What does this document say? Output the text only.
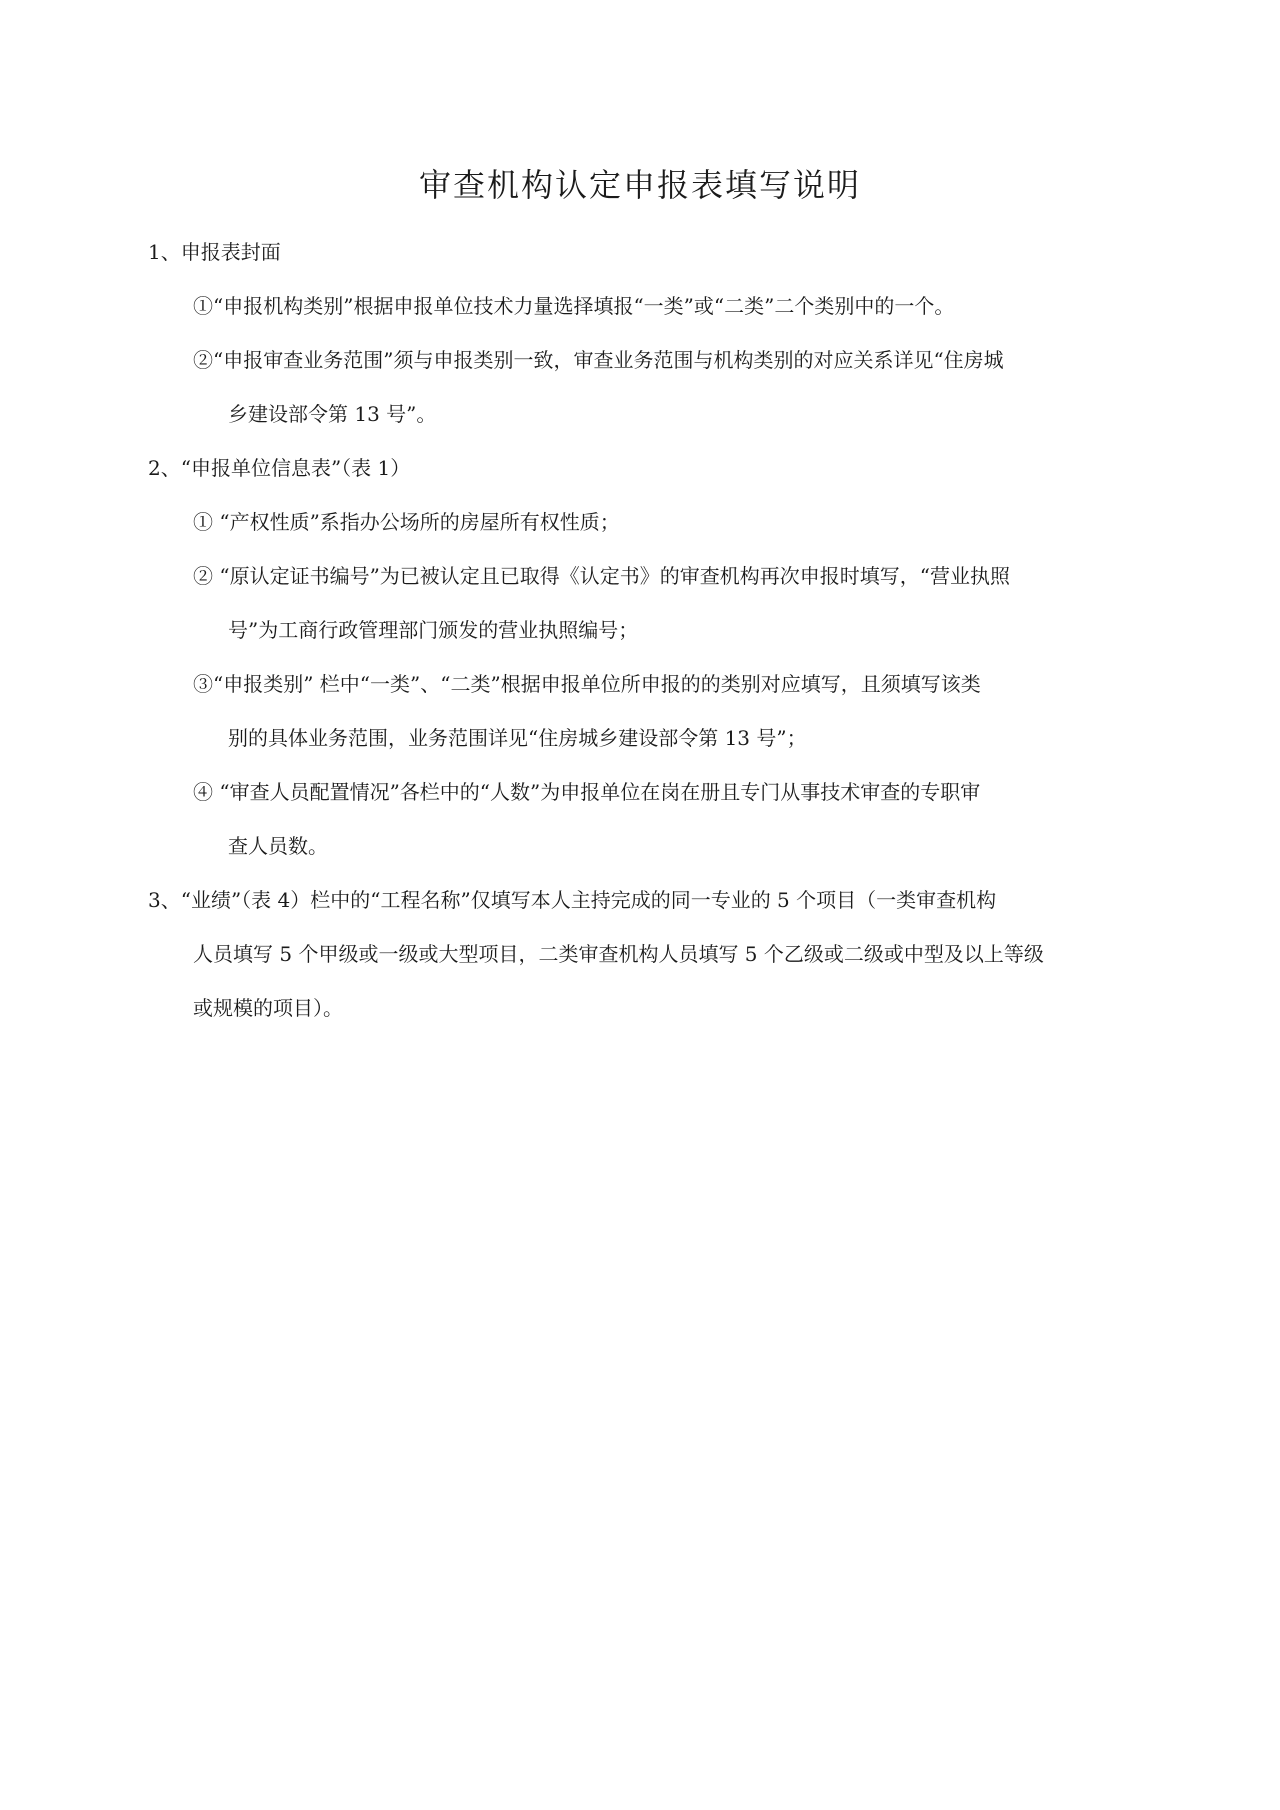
审查机构认定申报表填写说明
1、申报表封面
①“申报机构类别”根据申报单位技术力量选择填报“一类”或“二类”二个类别中的一个。
②“申报审查业务范围”须与申报类别一致，审查业务范围与机构类别的对应关系详见“住房城
乡建设部令第 13 号”。
2、“申报单位信息表”（表 1）
① “产权性质”系指办公场所的房屋所有权性质；
② “原认定证书编号”为已被认定且已取得《认定书》的审查机构再次申报时填写，“营业执照
号”为工商行政管理部门颁发的营业执照编号；
③“申报类别” 栏中“一类”、“二类”根据申报单位所申报的的类别对应填写，且须填写该类
别的具体业务范围，业务范围详见“住房城乡建设部令第 13 号”；
④ “审查人员配置情况”各栏中的“人数”为申报单位在岗在册且专门从事技术审查的专职审
查人员数。
3、“业绩”（表 4）栏中的“工程名称”仅填写本人主持完成的同一专业的 5 个项目（一类审查机构
人员填写 5 个甲级或一级或大型项目，二类审查机构人员填写 5 个乙级或二级或中型及以上等级
或规模的项目）。
